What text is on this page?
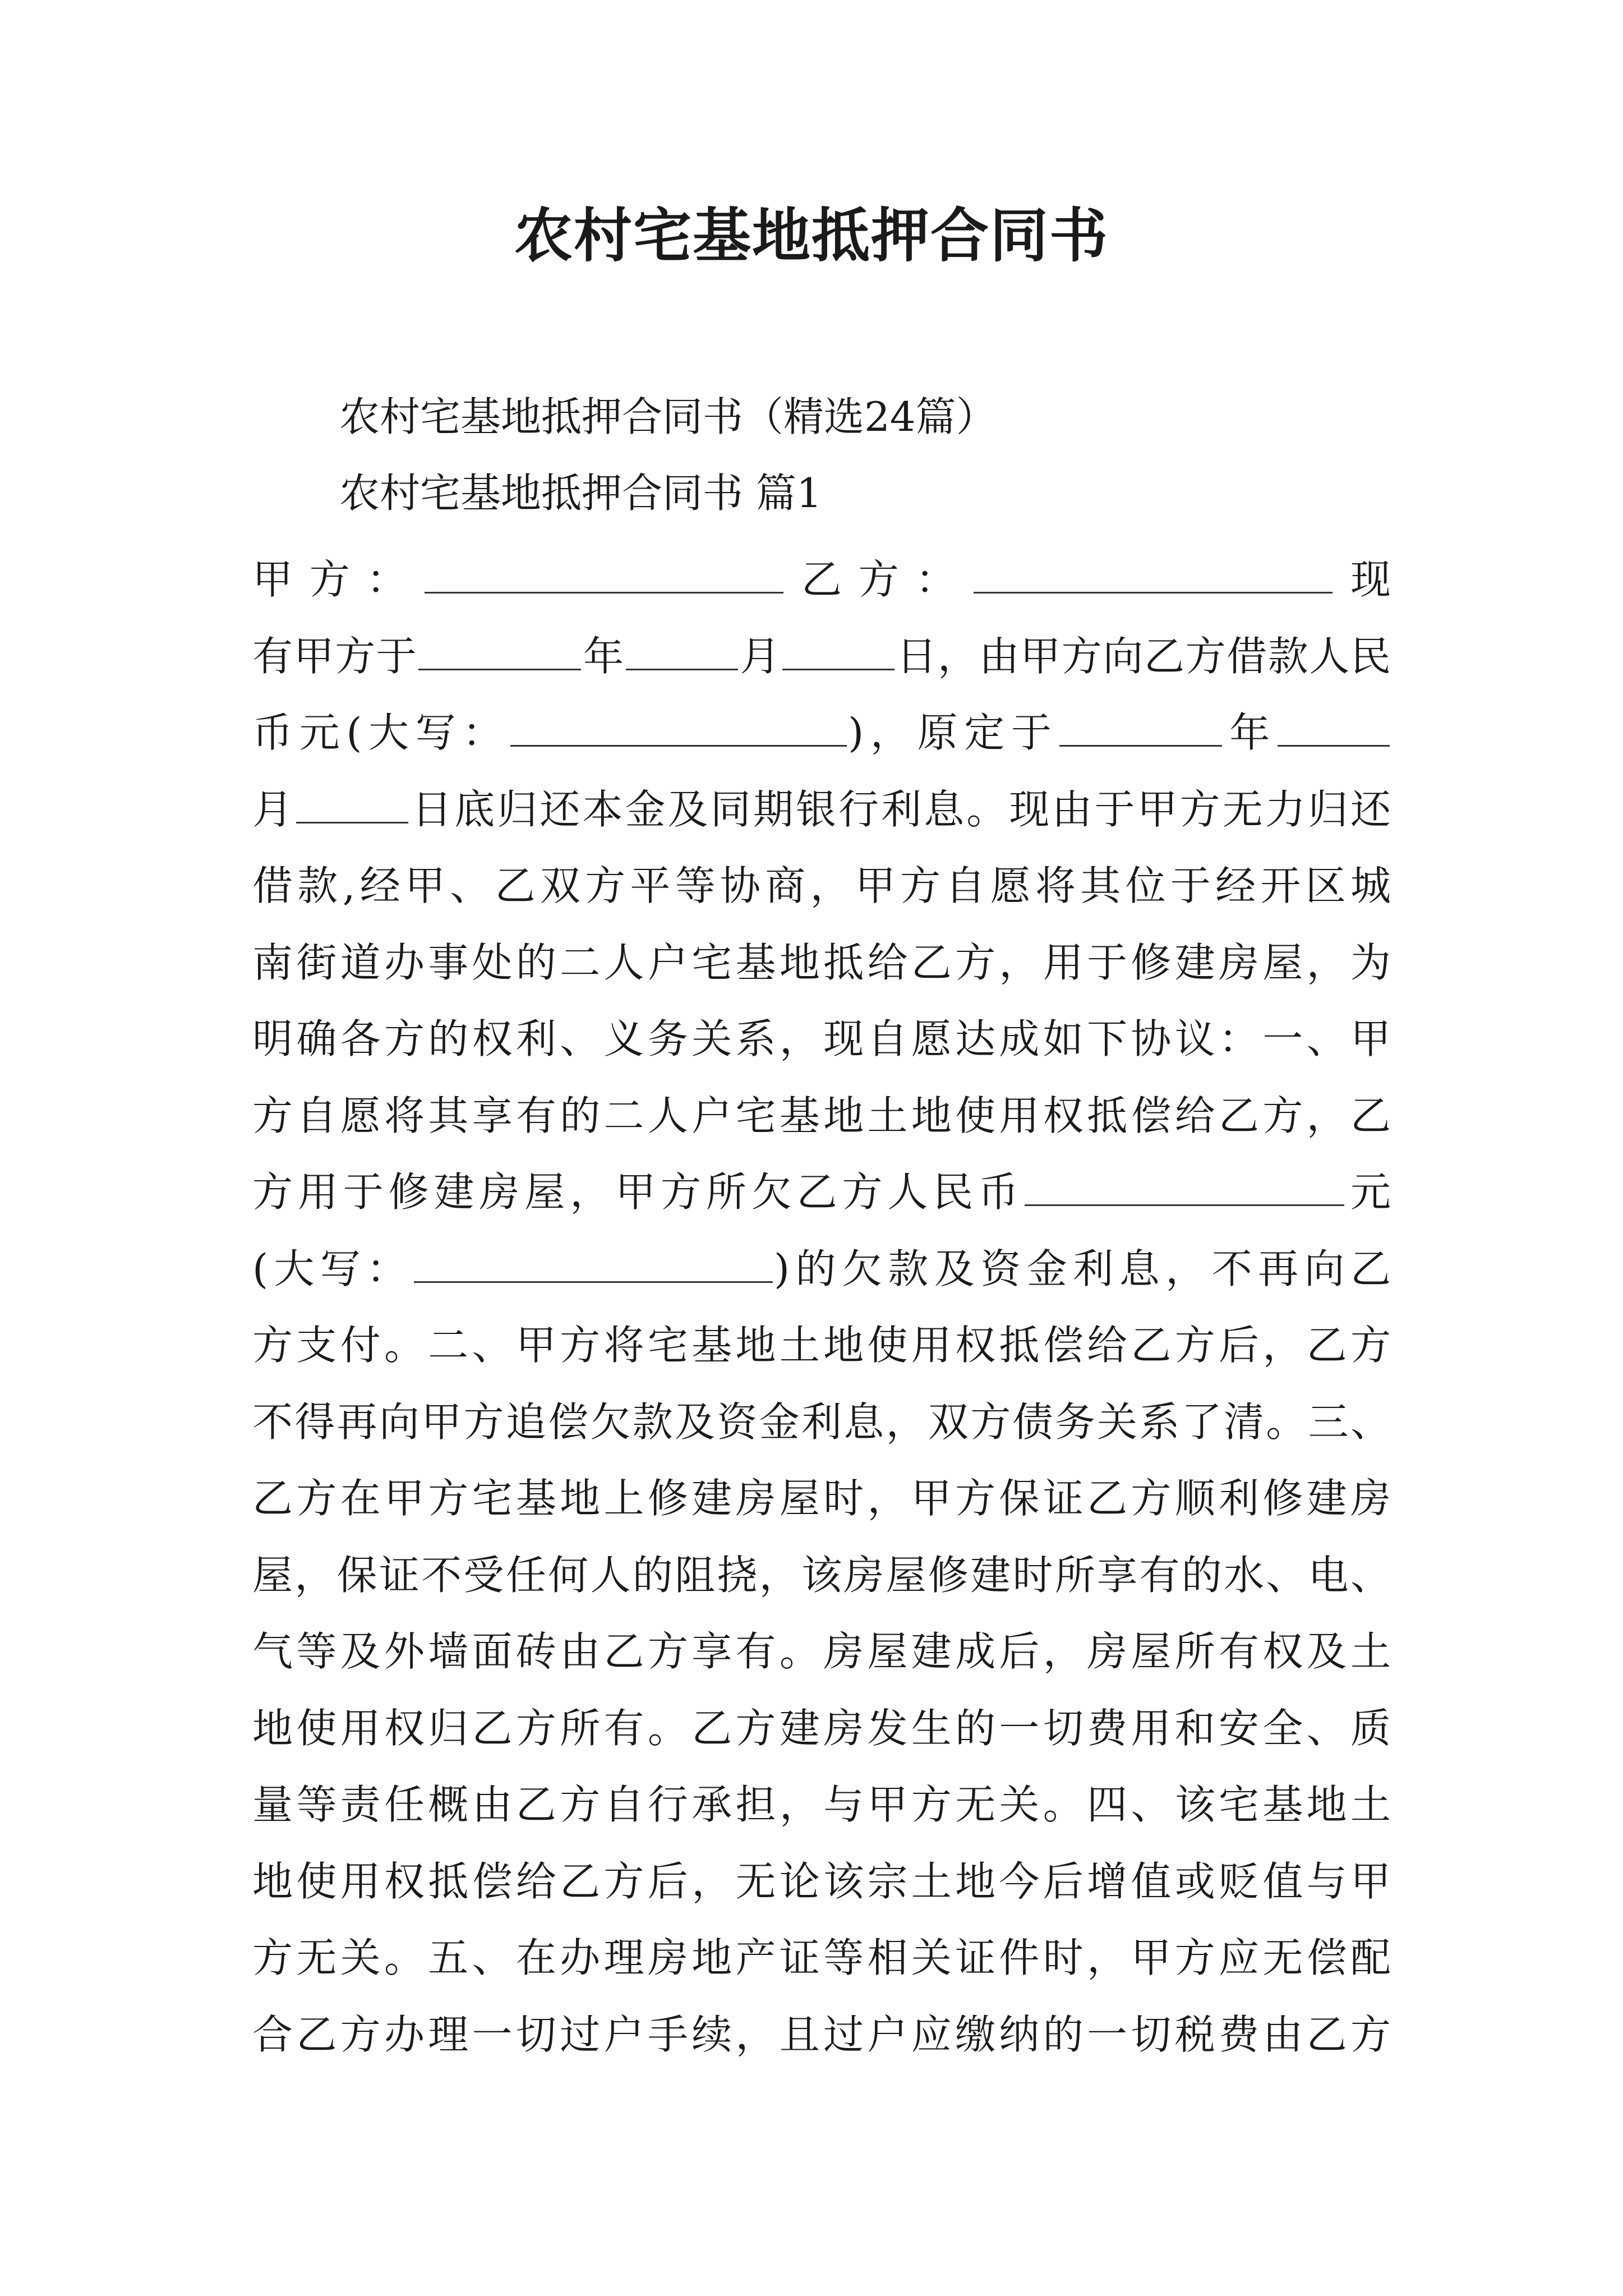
农村宅基地抵押合同书
农村宅基地抵押合同书（精选24篇）
农村宅基地抵押合同书 篇1
甲方：	乙方：	现
有甲方于	年	月	日，由甲方向乙方借款人民
币元(大写：	)，原定于	年
月	日底归还本金及同期银行利息。现由于甲方无力归还
借款,经甲、乙双方平等协商，甲方自愿将其位于经开区城
南街道办事处的二人户宅基地抵给乙方，用于修建房屋，为
明确各方的权利、义务关系，现自愿达成如下协议：一、甲
方自愿将其享有的二人户宅基地土地使用权抵偿给乙方，乙
方用于修建房屋，甲方所欠乙方人民币	元
(大写：	)的欠款及资金利息，不再向乙
方支付。二、甲方将宅基地土地使用权抵偿给乙方后，乙方
不得再向甲方追偿欠款及资金利息，双方债务关系了清。三、
乙方在甲方宅基地上修建房屋时，甲方保证乙方顺利修建房
屋，保证不受任何人的阻挠，该房屋修建时所享有的水、电、
气等及外墙面砖由乙方享有。房屋建成后，房屋所有权及土
地使用权归乙方所有。乙方建房发生的一切费用和安全、质
量等责任概由乙方自行承担，与甲方无关。四、该宅基地土
地使用权抵偿给乙方后，无论该宗土地今后增值或贬值与甲
方无关。五、在办理房地产证等相关证件时，甲方应无偿配
合乙方办理一切过户手续，且过户应缴纳的一切税费由乙方
